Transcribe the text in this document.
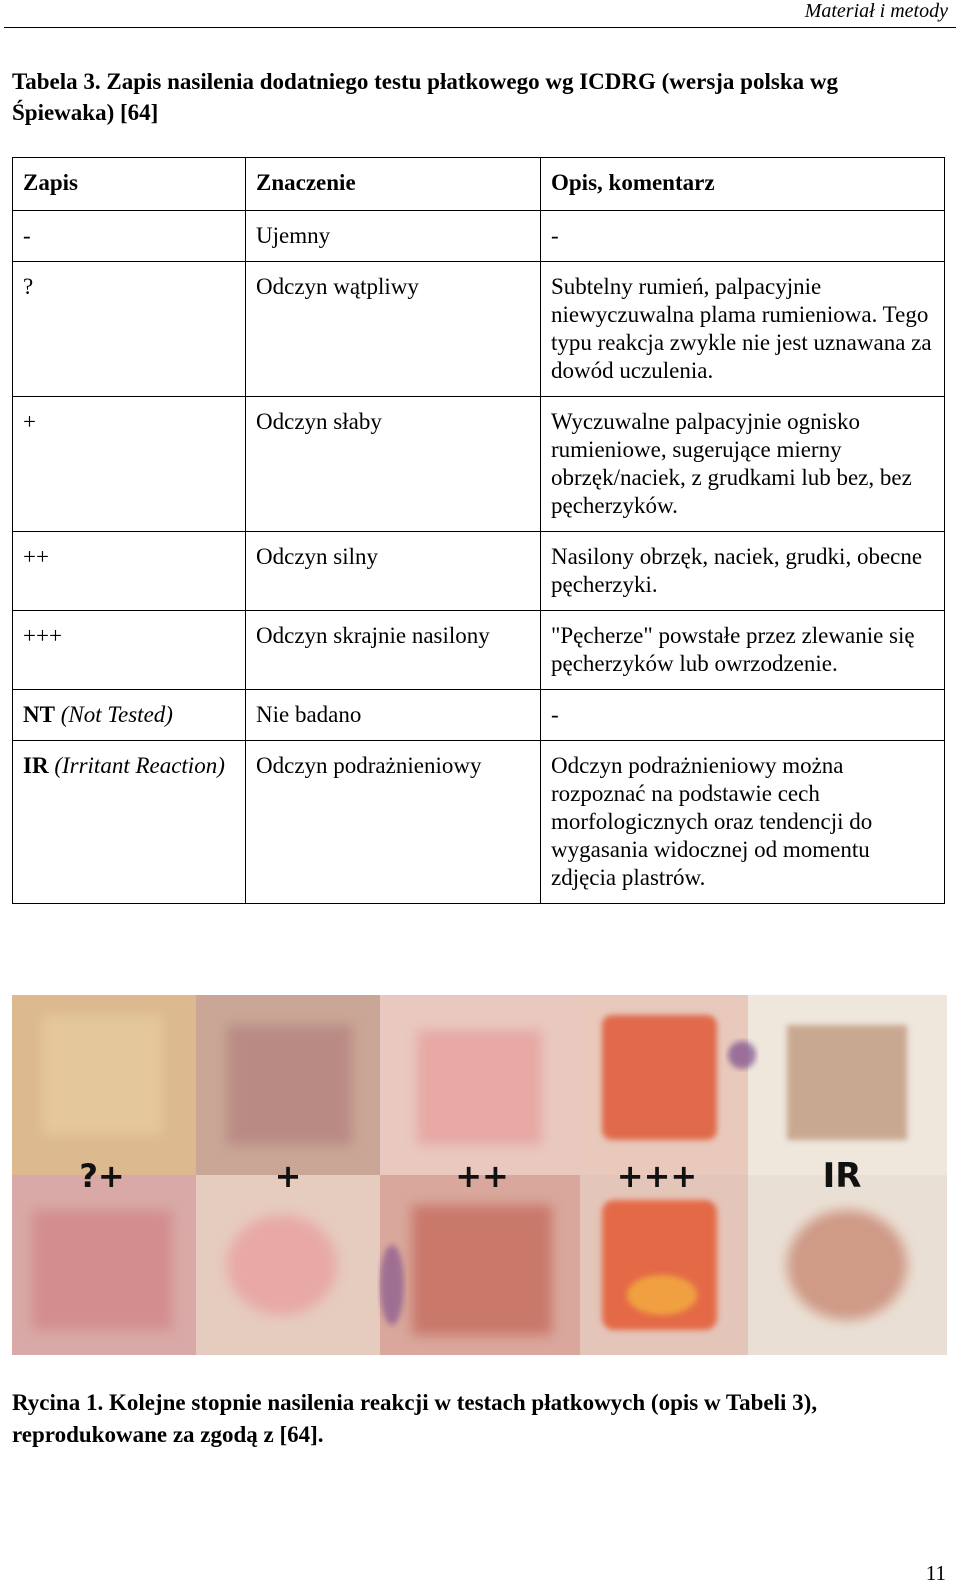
Materiał i metody
Tabela 3. Zapis nasilenia dodatniego testu płatkowego wg ICDRG (wersja polska wg Śpiewaka) [64]
Zapis	Znaczenie	Opis, komentarz
-	Ujemny	-
?	Odczyn wątpliwy	Subtelny rumień, palpacyjnie niewyczuwalna plama rumieniowa. Tego typu reakcja zwykle nie jest uznawana za dowód uczulenia.
+	Odczyn słaby	Wyczuwalne palpacyjnie ognisko rumieniowe, sugerujące mierny obrzęk/naciek, z grudkami lub bez, bez pęcherzyków.
++	Odczyn silny	Nasilony obrzęk, naciek, grudki, obecne pęcherzyki.
+++	Odczyn skrajnie nasilony	"Pęcherze" powstałe przez zlewanie się pęcherzyków lub owrzodzenie.
NT (Not Tested)	Nie badano	-
IR (Irritant Reaction)	Odczyn podrażnieniowy	Odczyn podrażnieniowy można rozpoznać na podstawie cech morfologicznych oraz tendencji do wygasania widocznej od momentu zdjęcia plastrów.
?+	+	++	+++	IR
Rycina 1. Kolejne stopnie nasilenia reakcji w testach płatkowych (opis w Tabeli 3), reprodukowane za zgodą z [64].
11
